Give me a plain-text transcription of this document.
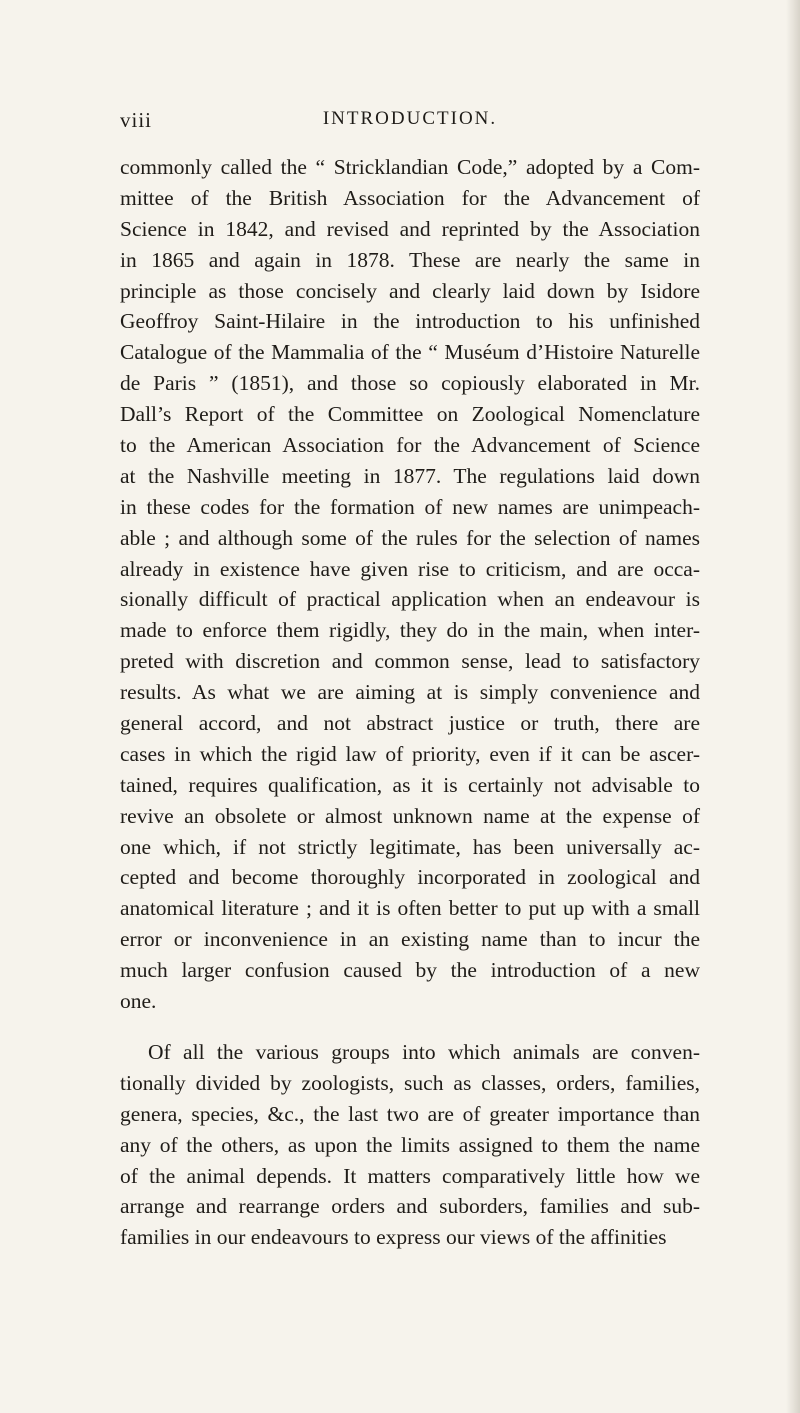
viii	INTRODUCTION.
commonly called the “ Stricklandian Code,” adopted by a Com-
mittee of the British Association for the Advancement of
Science in 1842, and revised and reprinted by the Association
in 1865 and again in 1878. These are nearly the same in
principle as those concisely and clearly laid down by Isidore
Geoffroy Saint-Hilaire in the introduction to his unfinished
Catalogue of the Mammalia of the “ Muséum d’Histoire Naturelle
de Paris ” (1851), and those so copiously elaborated in Mr.
Dall’s Report of the Committee on Zoological Nomenclature
to the American Association for the Advancement of Science
at the Nashville meeting in 1877. The regulations laid down
in these codes for the formation of new names are unimpeach-
able ; and although some of the rules for the selection of names
already in existence have given rise to criticism, and are occa-
sionally difficult of practical application when an endeavour is
made to enforce them rigidly, they do in the main, when inter-
preted with discretion and common sense, lead to satisfactory
results. As what we are aiming at is simply convenience and
general accord, and not abstract justice or truth, there are
cases in which the rigid law of priority, even if it can be ascer-
tained, requires qualification, as it is certainly not advisable to
revive an obsolete or almost unknown name at the expense of
one which, if not strictly legitimate, has been universally ac-
cepted and become thoroughly incorporated in zoological and
anatomical literature ; and it is often better to put up with a small
error or inconvenience in an existing name than to incur the
much larger confusion caused by the introduction of a new
one.
Of all the various groups into which animals are conven-
tionally divided by zoologists, such as classes, orders, families,
genera, species, &c., the last two are of greater importance than
any of the others, as upon the limits assigned to them the name
of the animal depends. It matters comparatively little how we
arrange and rearrange orders and suborders, families and sub-
families in our endeavours to express our views of the affinities
